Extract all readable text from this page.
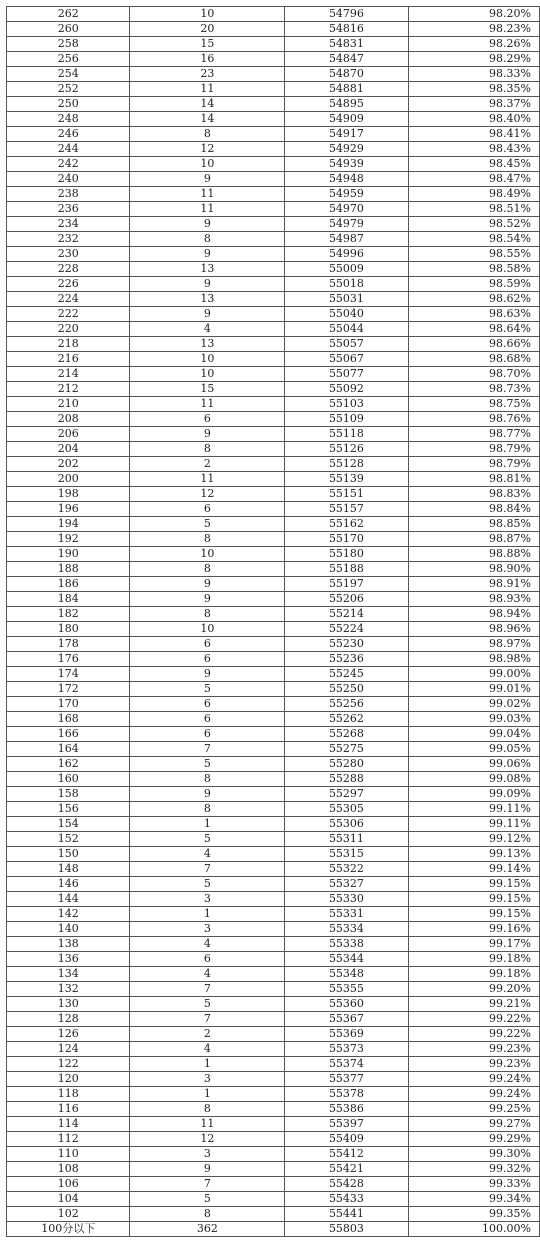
262	10	54796	98.20%
260	20	54816	98.23%
258	15	54831	98.26%
256	16	54847	98.29%
254	23	54870	98.33%
252	11	54881	98.35%
250	14	54895	98.37%
248	14	54909	98.40%
246	8	54917	98.41%
244	12	54929	98.43%
242	10	54939	98.45%
240	9	54948	98.47%
238	11	54959	98.49%
236	11	54970	98.51%
234	9	54979	98.52%
232	8	54987	98.54%
230	9	54996	98.55%
228	13	55009	98.58%
226	9	55018	98.59%
224	13	55031	98.62%
222	9	55040	98.63%
220	4	55044	98.64%
218	13	55057	98.66%
216	10	55067	98.68%
214	10	55077	98.70%
212	15	55092	98.73%
210	11	55103	98.75%
208	6	55109	98.76%
206	9	55118	98.77%
204	8	55126	98.79%
202	2	55128	98.79%
200	11	55139	98.81%
198	12	55151	98.83%
196	6	55157	98.84%
194	5	55162	98.85%
192	8	55170	98.87%
190	10	55180	98.88%
188	8	55188	98.90%
186	9	55197	98.91%
184	9	55206	98.93%
182	8	55214	98.94%
180	10	55224	98.96%
178	6	55230	98.97%
176	6	55236	98.98%
174	9	55245	99.00%
172	5	55250	99.01%
170	6	55256	99.02%
168	6	55262	99.03%
166	6	55268	99.04%
164	7	55275	99.05%
162	5	55280	99.06%
160	8	55288	99.08%
158	9	55297	99.09%
156	8	55305	99.11%
154	1	55306	99.11%
152	5	55311	99.12%
150	4	55315	99.13%
148	7	55322	99.14%
146	5	55327	99.15%
144	3	55330	99.15%
142	1	55331	99.15%
140	3	55334	99.16%
138	4	55338	99.17%
136	6	55344	99.18%
134	4	55348	99.18%
132	7	55355	99.20%
130	5	55360	99.21%
128	7	55367	99.22%
126	2	55369	99.22%
124	4	55373	99.23%
122	1	55374	99.23%
120	3	55377	99.24%
118	1	55378	99.24%
116	8	55386	99.25%
114	11	55397	99.27%
112	12	55409	99.29%
110	3	55412	99.30%
108	9	55421	99.32%
106	7	55428	99.33%
104	5	55433	99.34%
102	8	55441	99.35%
100分以下	362	55803	100.00%
